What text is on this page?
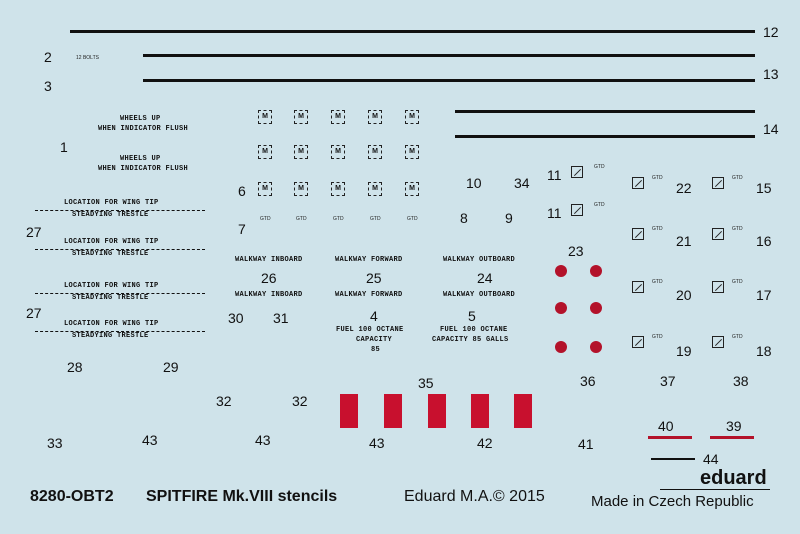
12
13
14
2
3
12 BOLTS
WHEELS UP
WHEN INDICATOR FLUSH
1
WHEELS UP
WHEN INDICATOR FLUSH
LOCATION FOR WING TIP
STEADYING TRESTLE
27
LOCATION FOR WING TIP
STEADYING TRESTLE
LOCATION FOR WING TIP
STEADYING TRESTLE
27
LOCATION FOR WING TIP
STEADYING TRESTLE
M	M	M	M	M
M	M	M	M	M
6	M	M	M	M	M
7
GTD	GTD	GTD	GTD	GTD
10 34
8	9
WALKWAY INBOARD
26
WALKWAY INBOARD
WALKWAY FORWARD
25
WALKWAY FORWARD
WALKWAY OUTBOARD
24
WALKWAY OUTBOARD
4
FUEL 100 OCTANE
CAPACITY
85
5
FUEL 100 OCTANE
CAPACITY 85 GALLS
30 31
28	29
32	32
35
23
11	GTD
11	GTD
GTD
22
GTD
15
GTD
21
GTD
16
GTD
20
GTD
17
GTD
19
GTD
18
36	37	38
40	39
41
42
44
33	43	43	43
eduard
8280-OBT2 SPITFIRE Mk.VIII stencils	Eduard M.A.© 2015	Made in Czech Republic
